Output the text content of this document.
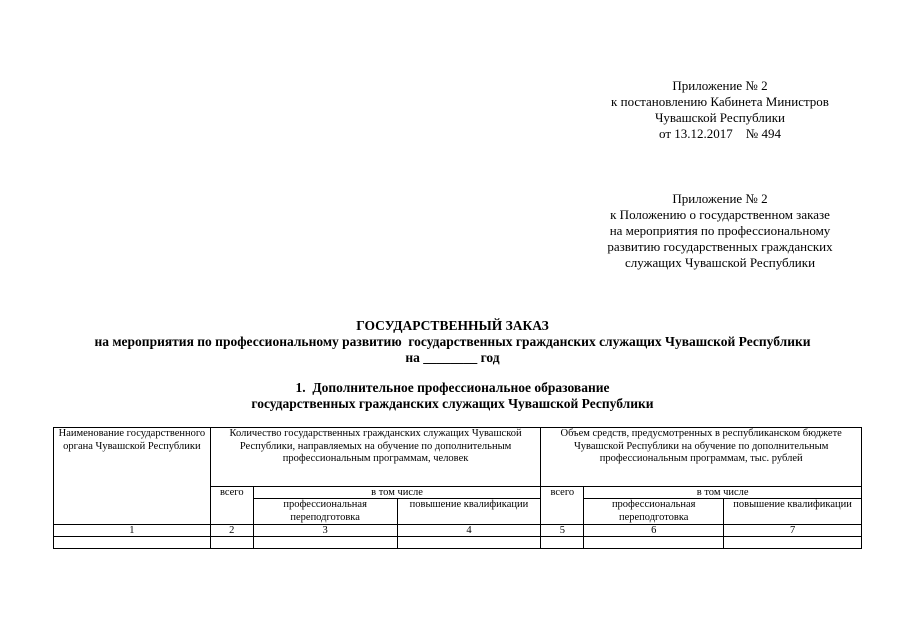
Приложение № 2
к постановлению Кабинета Министров
Чувашской Республики
от 13.12.2017    № 494
Приложение № 2
к Положению о государственном заказе
на мероприятия по профессиональному
развитию государственных гражданских
служащих Чувашской Республики
ГОСУДАРСТВЕННЫЙ ЗАКАЗ
на мероприятия по профессиональному развитию  государственных гражданских служащих Чувашской Республики
на ________ год
1.  Дополнительное профессиональное образование
государственных гражданских служащих Чувашской Республики
Наименование государственного органа Чувашской Республики	Количество государственных гражданских служащих Чувашской Республики, направляемых на обучение по дополнительным профессиональным программам, человек			Объем средств, предусмотренных в республиканском бюджете Чувашской Республики на обучение по дополнительным профессиональным программам, тыс. рублей		
	всего	в том числе		всего	в том числе	
		профессиональная переподготовка	повышение квалификации		профессиональная переподготовка	повышение квалификации
1	2	3	4	5	6	7
